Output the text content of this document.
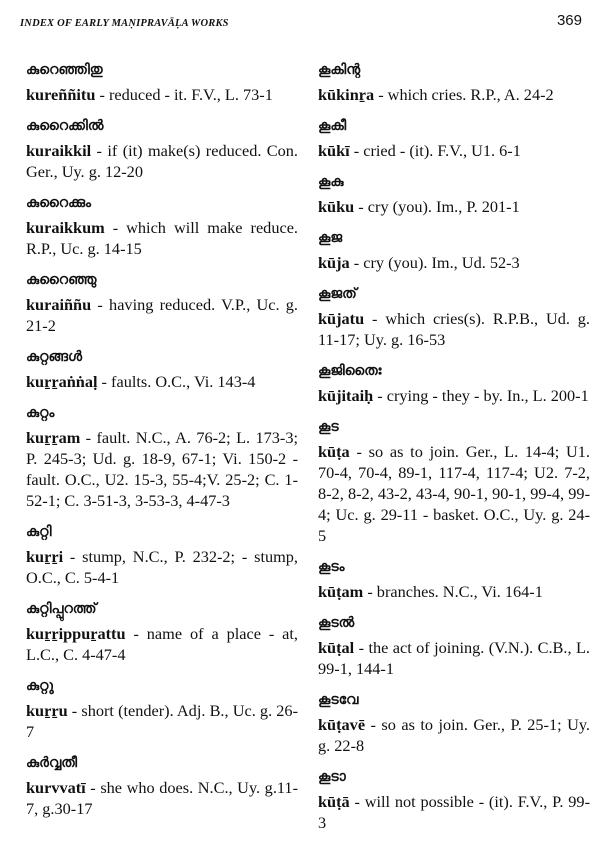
INDEX OF EARLY MAṆIPRAVĀḶA WORKS	369
കുറെഞ്ഞിതു
kureññitu - reduced - it. F.V., L. 73-1
കുറൈക്കിൽ
kuraikkil - if (it) make(s) reduced. Con. Ger., Uy. g. 12-20
കുറൈക്കും
kuraikkum - which will make reduce. R.P., Uc. g. 14-15
കുറൈഞ്ഞു
kuraiññu - having reduced. V.P., Uc. g. 21-2
കുറ്റങ്ങൾ
kuṟṟaṅṅaḷ - faults. O.C., Vi. 143-4
കുറ്റം
kuṟṟam - fault. N.C., A. 76-2; L. 173-3; P. 245-3; Ud. g. 18-9, 67-1; Vi. 150-2 - fault. O.C., U2. 15-3, 55-4;V. 25-2; C. 1-52-1; C. 3-51-3, 3-53-3, 4-47-3
കുറ്റി
kuṟṟi - stump, N.C., P. 232-2; - stump, O.C., C. 5-4-1
കുറ്റിപ്പുറത്ത്
kuṟṟippuṟattu - name of a place - at, L.C., C. 4-47-4
കുറ്റു
kuṟṟu - short (tender). Adj. B., Uc. g. 26-7
കുർവ്വതീ
kurvvatī - she who does. N.C., Uy. g.11-7, g.30-17
കൂകിന്റ
kūkinṟa - which cries. R.P., A. 24-2
കൂകീ
kūkī - cried - (it). F.V., U1. 6-1
കൂകു
kūku - cry (you). Im., P. 201-1
കൂജ
kūja - cry (you). Im., Ud. 52-3
കൂജത്
kūjatu - which cries(s). R.P.B., Ud. g. 11-17; Uy. g. 16-53
കൂജിതൈഃ
kūjitaiḥ - crying - they - by. In., L. 200-1
കൂട
kūṭa - so as to join. Ger., L. 14-4; U1. 70-4, 70-4, 89-1, 117-4, 117-4; U2. 7-2, 8-2, 8-2, 43-2, 43-4, 90-1, 90-1, 99-4, 99-4; Uc. g. 29-11 - basket. O.C., Uy. g. 24-5
കൂടം
kūṭam - branches. N.C., Vi. 164-1
കൂടൽ
kūṭal - the act of joining. (V.N.). C.B., L. 99-1, 144-1
കൂടവേ
kūṭavē - so as to join. Ger., P. 25-1; Uy. g. 22-8
കൂടാ
kūṭā - will not possible - (it). F.V., P. 99-3
